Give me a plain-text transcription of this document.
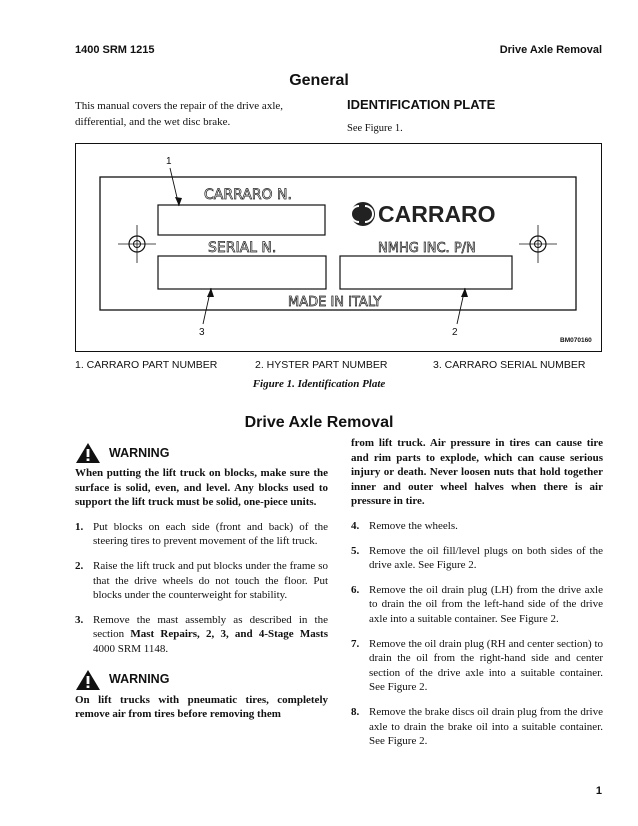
1400 SRM 1215	Drive Axle Removal
General
This manual covers the repair of the drive axle, differential, and the wet disc brake.
IDENTIFICATION PLATE
See Figure 1.
CARRARO N.
SERIAL N.	NMHG INC. P/N
MADE IN ITALY
CARRARO
1
3	2
BM070160
1. CARRARO PART NUMBER	2. HYSTER PART NUMBER	3. CARRARO SERIAL NUMBER
Figure 1. Identification Plate
Drive Axle Removal
WARNING
When putting the lift truck on blocks, make sure the surface is solid, even, and level. Any blocks used to support the lift truck must be solid, one-piece units.
1. Put blocks on each side (front and back) of the steering tires to prevent movement of the lift truck.
2. Raise the lift truck and put blocks under the frame so that the drive wheels do not touch the floor. Put blocks under the counterweight for stability.
3. Remove the mast assembly as described in the section Mast Repairs, 2, 3, and 4-Stage Masts 4000 SRM 1148.
WARNING
On lift trucks with pneumatic tires, completely remove air from tires before removing them
from lift truck. Air pressure in tires can cause tire and rim parts to explode, which can cause serious injury or death. Never loosen nuts that hold together inner and outer wheel halves when there is air pressure in tire.
4. Remove the wheels.
5. Remove the oil fill/level plugs on both sides of the drive axle. See Figure 2.
6. Remove the oil drain plug (LH) from the drive axle to drain the oil from the left-hand side of the drive axle into a suitable container. See Figure 2.
7. Remove the oil drain plug (RH and center section) to drain the oil from the right-hand side and center section of the drive axle into a suitable container. See Figure 2.
8. Remove the brake discs oil drain plug from the drive axle to drain the brake oil into a suitable container. See Figure 2.
1
